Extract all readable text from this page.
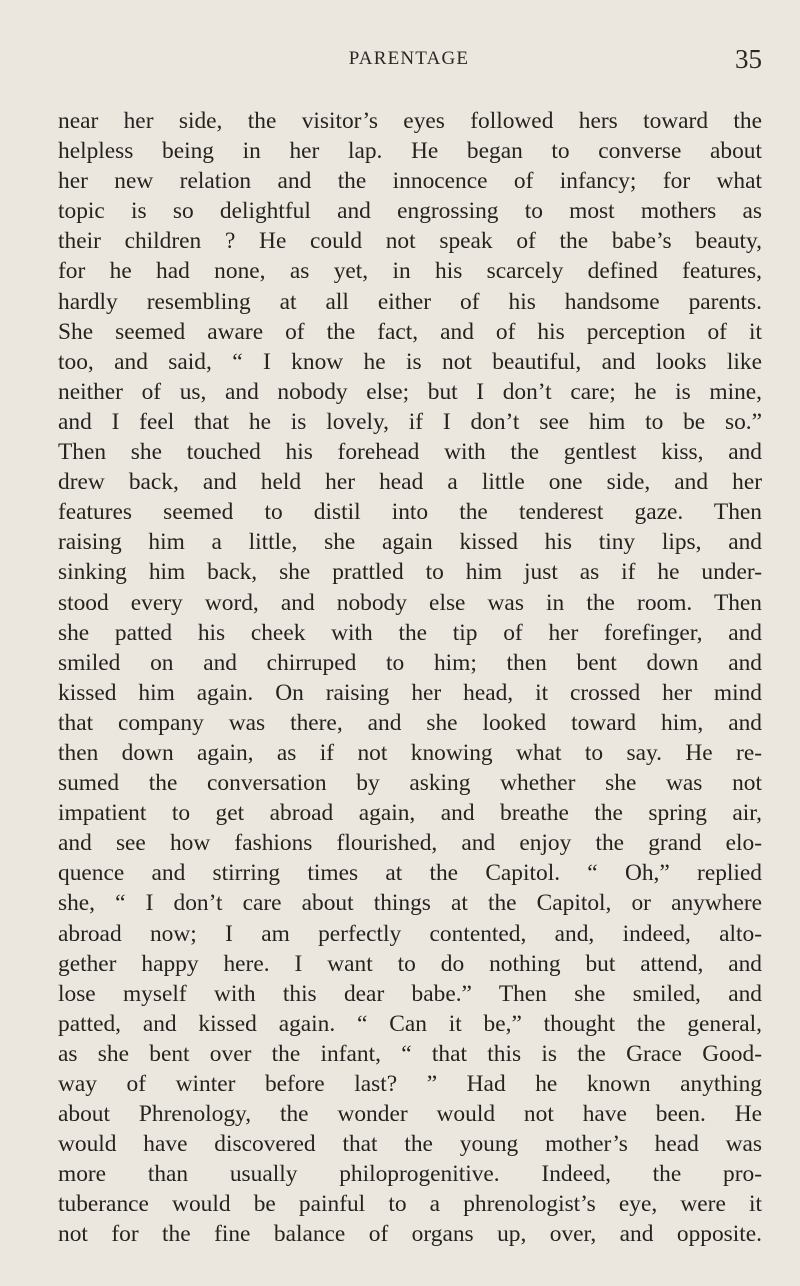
PARENTAGE	35
near her side, the visitor’s eyes followed hers toward the
helpless being in her lap. He began to converse about
her new relation and the innocence of infancy; for what
topic is so delightful and engrossing to most mothers as
their children ? He could not speak of the babe’s beauty,
for he had none, as yet, in his scarcely defined features,
hardly resembling at all either of his handsome parents.
She seemed aware of the fact, and of his perception of it
too, and said, “ I know he is not beautiful, and looks like
neither of us, and nobody else; but I don’t care; he is mine,
and I feel that he is lovely, if I don’t see him to be so.”
Then she touched his forehead with the gentlest kiss, and
drew back, and held her head a little one side, and her
features seemed to distil into the tenderest gaze. Then
raising him a little, she again kissed his tiny lips, and
sinking him back, she prattled to him just as if he under-
stood every word, and nobody else was in the room. Then
she patted his cheek with the tip of her forefinger, and
smiled on and chirruped to him; then bent down and
kissed him again. On raising her head, it crossed her mind
that company was there, and she looked toward him, and
then down again, as if not knowing what to say. He re-
sumed the conversation by asking whether she was not
impatient to get abroad again, and breathe the spring air,
and see how fashions flourished, and enjoy the grand elo-
quence and stirring times at the Capitol. “ Oh,” replied
she, “ I don’t care about things at the Capitol, or anywhere
abroad now; I am perfectly contented, and, indeed, alto-
gether happy here. I want to do nothing but attend, and
lose myself with this dear babe.” Then she smiled, and
patted, and kissed again. “ Can it be,” thought the general,
as she bent over the infant, “ that this is the Grace Good-
way of winter before last? ” Had he known anything
about Phrenology, the wonder would not have been. He
would have discovered that the young mother’s head was
more than usually philoprogenitive. Indeed, the pro-
tuberance would be painful to a phrenologist’s eye, were it
not for the fine balance of organs up, over, and opposite.
